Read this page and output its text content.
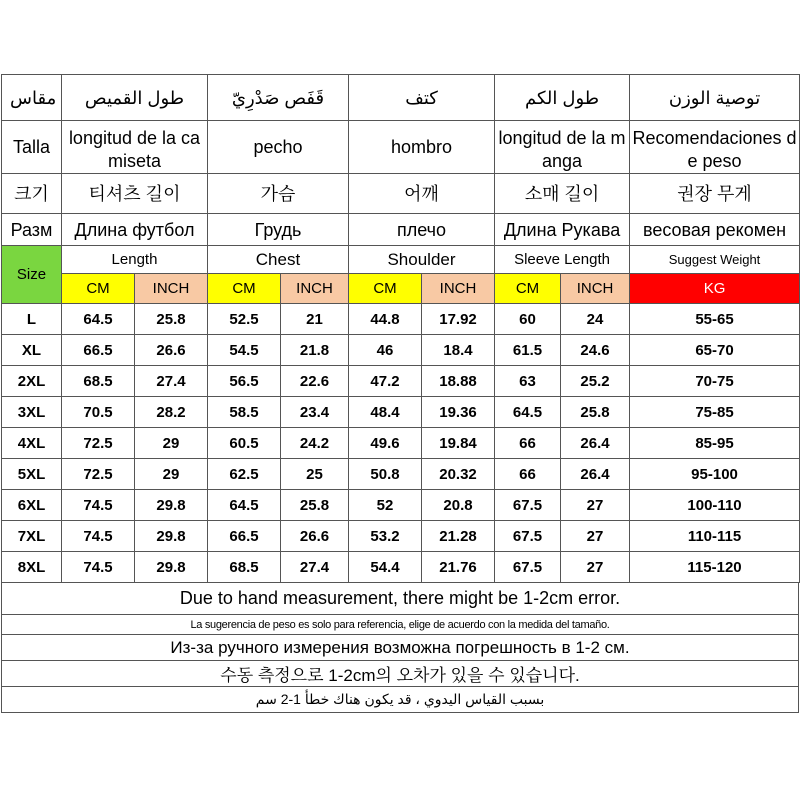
مقاس	طول القميص		قَفَص صَدْرِيّ		كتف		طول الكم		توصية الوزن
Talla	longitud de la camiseta		pecho		hombro		longitud de la manga		Recomendaciones de peso
크기	티셔츠 길이		가슴		어깨		소매 길이		권장 무게
Разм	Длина футбол		Грудь		плечо		Длина Рукава		весовая рекомен
Size	Length		Chest		Shoulder		Sleeve Length		Suggest Weight
	CM	INCH	CM	INCH	CM	INCH	CM	INCH	KG
L	64.5	25.8	52.5	21	44.8	17.92	60	24	55-65
XL	66.5	26.6	54.5	21.8	46	18.4	61.5	24.6	65-70
2XL	68.5	27.4	56.5	22.6	47.2	18.88	63	25.2	70-75
3XL	70.5	28.2	58.5	23.4	48.4	19.36	64.5	25.8	75-85
4XL	72.5	29	60.5	24.2	49.6	19.84	66	26.4	85-95
5XL	72.5	29	62.5	25	50.8	20.32	66	26.4	95-100
6XL	74.5	29.8	64.5	25.8	52	20.8	67.5	27	100-110
7XL	74.5	29.8	66.5	26.6	53.2	21.28	67.5	27	110-115
8XL	74.5	29.8	68.5	27.4	54.4	21.76	67.5	27	115-120
Due to hand measurement, there might be 1-2cm error.
La sugerencia de peso es solo para referencia, elige de acuerdo con la medida del tamaño.
Из-за ручного измерения возможна погрешность в 1-2 см.
수동 측정으로 1-2cm의 오차가 있을 수 있습니다.
بسبب القياس اليدوي ، قد يكون هناك خطأ 1-2 سم
